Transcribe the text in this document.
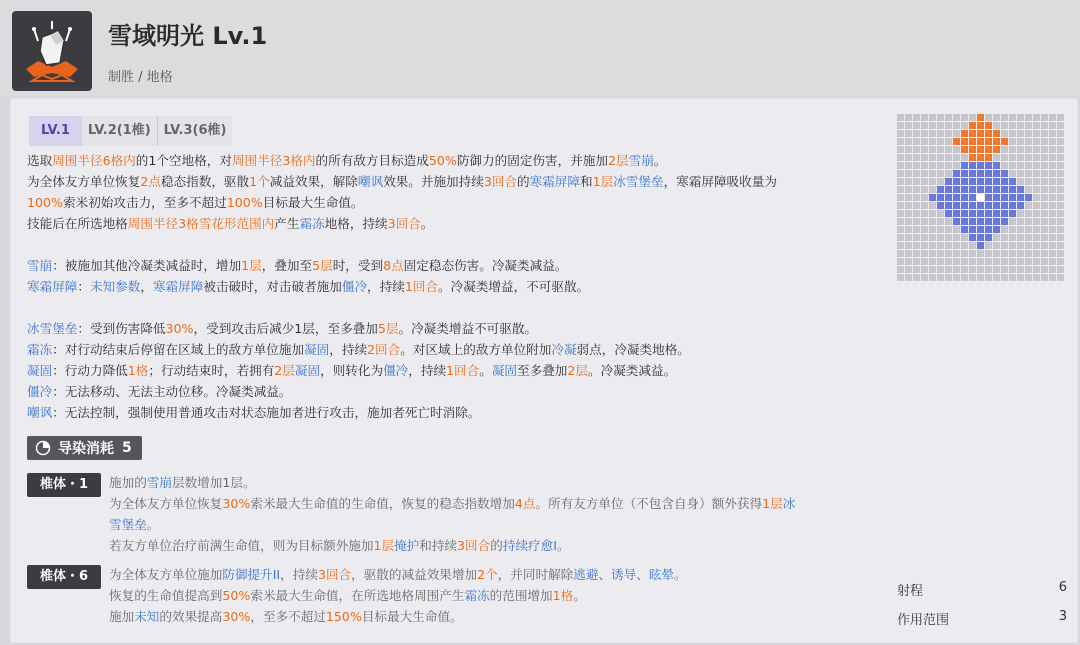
雪域明光 Lv.1
制胜 / 地格
LV.1	LV.2(1椎)	LV.3(6椎)

选取周围半径6格内的1个空地格，对周围半径3格内的所有敌方目标造成50%防御力的固定伤害，并施加2层雪崩。

为全体友方单位恢复2点稳态指数，驱散1个减益效果，解除嘲讽效果。并施加持续3回合的寒霜屏障和1层冰雪堡垒，寒霜屏障吸收量为

100%索米初始攻击力，至多不超过100%目标最大生命值。

技能后在所选地格周围半径3格雪花形范围内产生霜冻地格，持续3回合。

雪崩：被施加其他冷凝类减益时，增加1层，叠加至5层时，受到8点固定稳态伤害。冷凝类减益。

寒霜屏障：未知参数，寒霜屏障被击破时，对击破者施加僵冷，持续1回合。冷凝类增益，不可驱散。

冰雪堡垒：受到伤害降低30%，受到攻击后减少1层，至多叠加5层。冷凝类增益不可驱散。

霜冻：对行动结束后停留在区域上的敌方单位施加凝固，持续2回合。对区域上的敌方单位附加冷凝弱点，冷凝类地格。

凝固：行动力降低1格；行动结束时，若拥有2层凝固，则转化为僵冷，持续1回合。凝固至多叠加2层。冷凝类减益。

僵冷：无法移动、无法主动位移。冷凝类减益。

嘲讽：无法控制，强制使用普通攻击对状态施加者进行攻击，施加者死亡时消除。

导染消耗 5
椎体・1	施加的雪崩层数增加1层。

为全体友方单位恢复30%索米最大生命值的生命值，恢复的稳态指数增加4点。所有友方单位（不包含自身）额外获得1层冰

雪堡垒。

若友方单位治疗前满生命值，则为目标额外施加1层掩护和持续3回合的持续疗愈I。

椎体・6	为全体友方单位施加防御提升II，持续3回合，驱散的减益效果增加2个，并同时解除逃避、诱导、眩晕。

恢复的生命值提高到50%索米最大生命值，在所选地格周围产生霜冻的范围增加1格。

施加未知的效果提高30%，至多不超过150%目标最大生命值。

射程	6
作用范围	3
